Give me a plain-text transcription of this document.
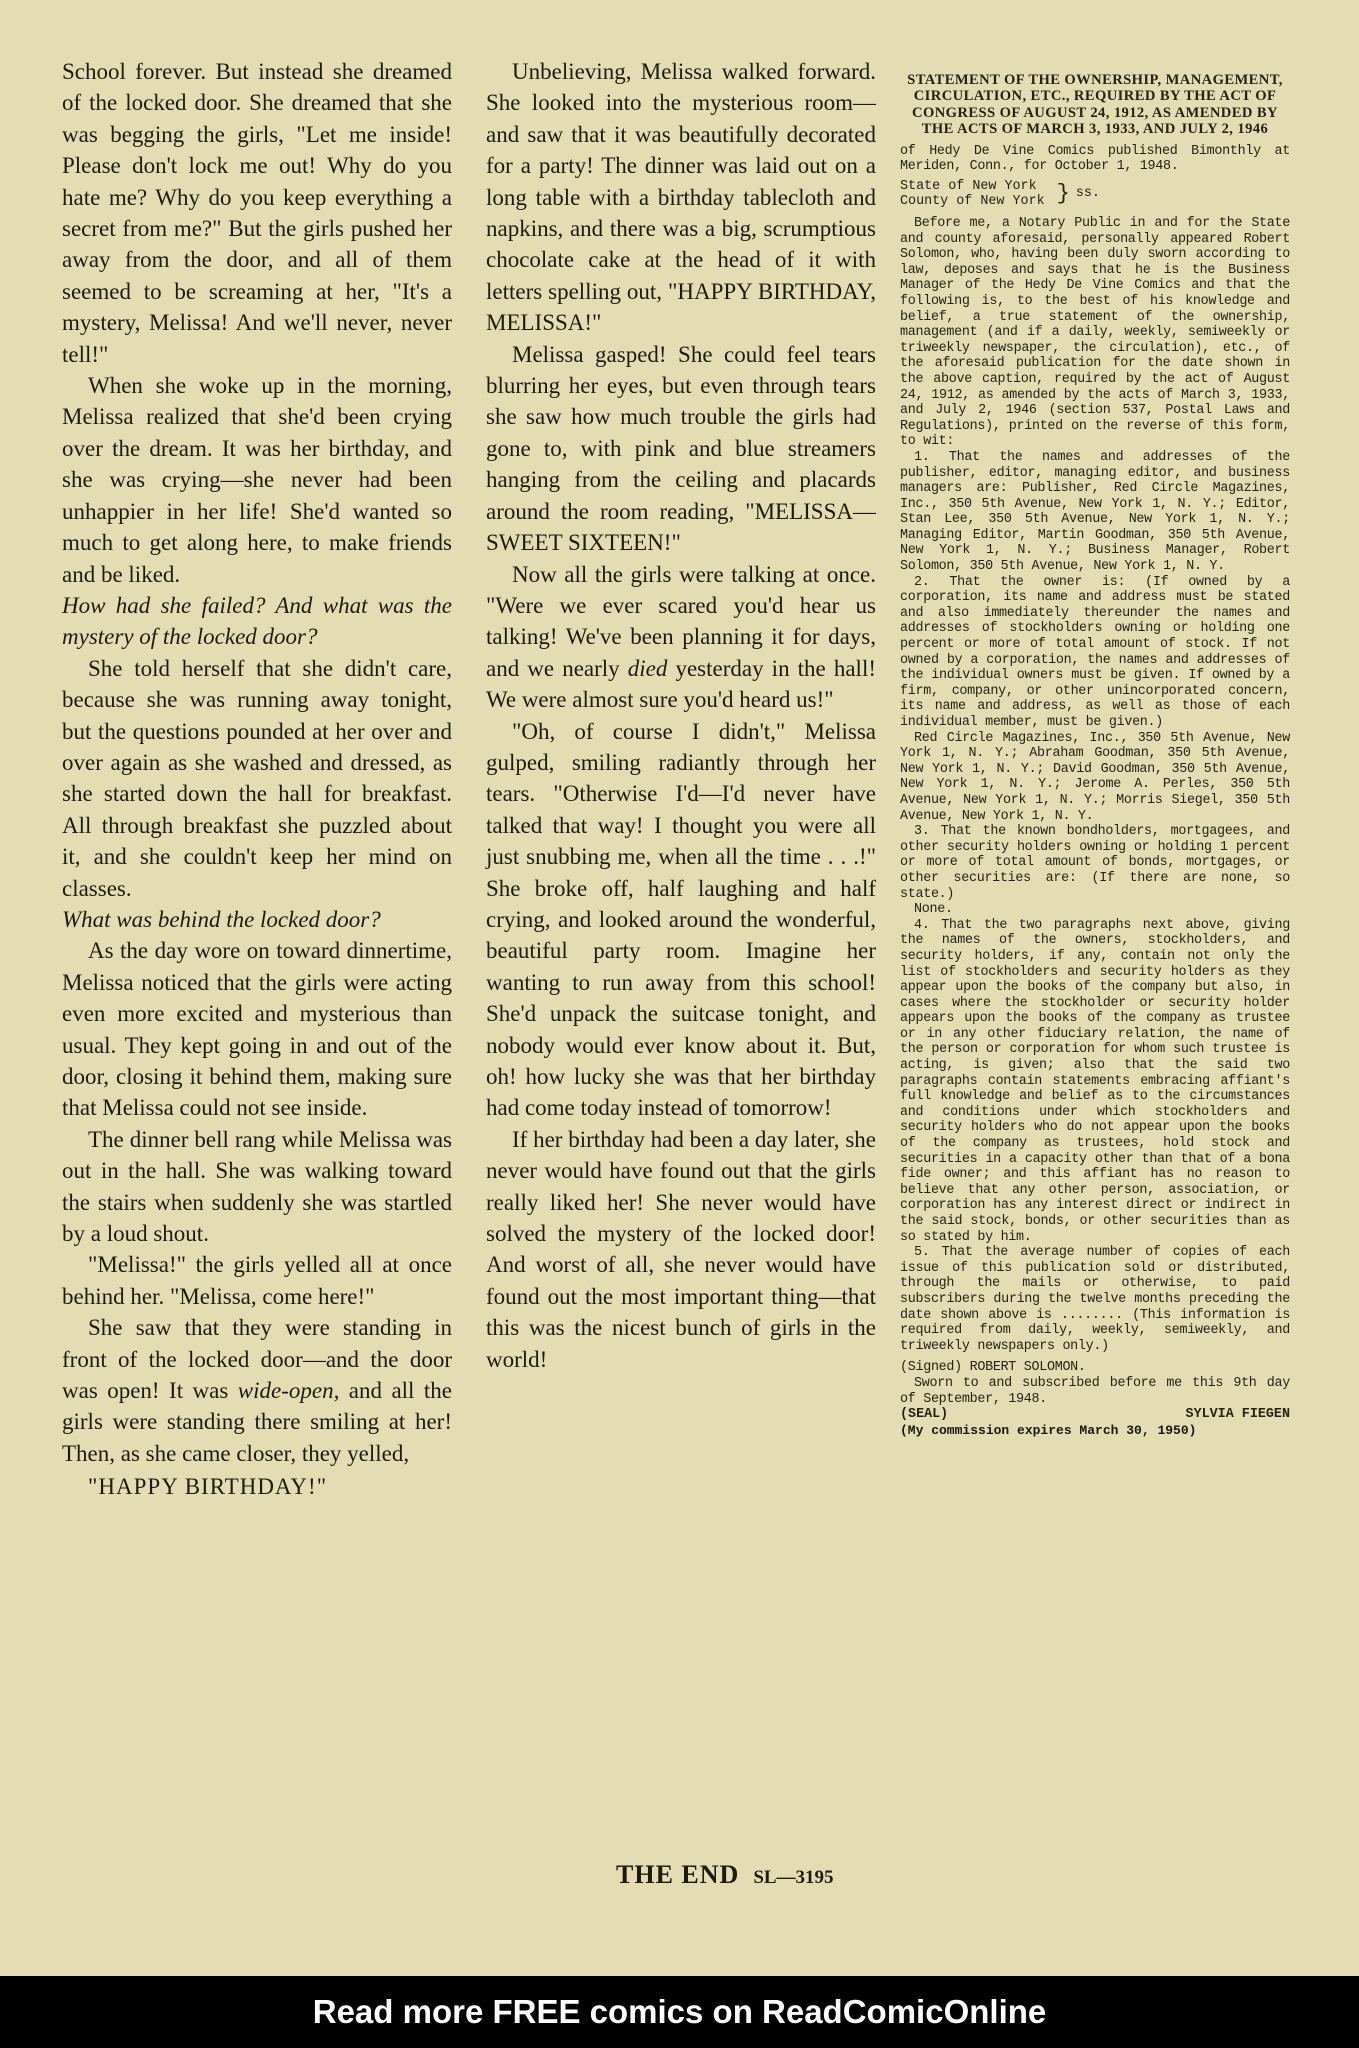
School forever. But instead she dreamed of the locked door. She dreamed that she was begging the girls, "Let me inside! Please don't lock me out! Why do you hate me? Why do you keep everything a secret from me?" But the girls pushed her away from the door, and all of them seemed to be screaming at her, "It's a mystery, Melissa! And we'll never, never tell!"

When she woke up in the morning, Melissa realized that she'd been crying over the dream. It was her birthday, and she was crying—she never had been unhappier in her life! She'd wanted so much to get along here, to make friends and be liked.

How had she failed? And what was the mystery of the locked door?

She told herself that she didn't care, because she was running away tonight, but the questions pounded at her over and over again as she washed and dressed, as she started down the hall for breakfast. All through breakfast she puzzled about it, and she couldn't keep her mind on classes.

What was behind the locked door?

As the day wore on toward dinnertime, Melissa noticed that the girls were acting even more excited and mysterious than usual. They kept going in and out of the door, closing it behind them, making sure that Melissa could not see inside.

The dinner bell rang while Melissa was out in the hall. She was walking toward the stairs when suddenly she was startled by a loud shout.

"Melissa!" the girls yelled all at once behind her. "Melissa, come here!"

She saw that they were standing in front of the locked door—and the door was open! It was wide-open, and all the girls were standing there smiling at her! Then, as she came closer, they yelled,

"HAPPY BIRTHDAY!"

Unbelieving, Melissa walked forward. She looked into the mysterious room—and saw that it was beautifully decorated for a party! The dinner was laid out on a long table with a birthday tablecloth and napkins, and there was a big, scrumptious chocolate cake at the head of it with letters spelling out, "HAPPY BIRTHDAY, MELISSA!"

Melissa gasped! She could feel tears blurring her eyes, but even through tears she saw how much trouble the girls had gone to, with pink and blue streamers hanging from the ceiling and placards around the room reading, "MELISSA—SWEET SIXTEEN!"

Now all the girls were talking at once. "Were we ever scared you'd hear us talking! We've been planning it for days, and we nearly died yesterday in the hall! We were almost sure you'd heard us!"

"Oh, of course I didn't," Melissa gulped, smiling radiantly through her tears. "Otherwise I'd—I'd never have talked that way! I thought you were all just snubbing me, when all the time . . .!" She broke off, half laughing and half crying, and looked around the wonderful, beautiful party room. Imagine her wanting to run away from this school! She'd unpack the suitcase tonight, and nobody would ever know about it. But, oh! how lucky she was that her birthday had come today instead of tomorrow!

If her birthday had been a day later, she never would have found out that the girls really liked her! She never would have solved the mystery of the locked door! And worst of all, she never would have found out the most important thing—that this was the nicest bunch of girls in the world!

THE END SL—3195
STATEMENT OF THE OWNERSHIP, MANAGEMENT, CIRCULATION, ETC., REQUIRED BY THE ACT OF CONGRESS OF AUGUST 24, 1912, AS AMENDED BY THE ACTS OF MARCH 3, 1933, AND JULY 2, 1946

of Hedy De Vine Comics published Bimonthly at Meriden, Conn., for October 1, 1948.

State of New York
County of New York } ss.

Before me, a Notary Public in and for the State and county aforesaid, personally appeared Robert Solomon, who, having been duly sworn according to law, deposes and says that he is the Business Manager of the Hedy De Vine Comics and that the following is, to the best of his knowledge and belief, a true statement of the ownership, management (and if a daily, weekly, semiweekly or triweekly newspaper, the circulation), etc., of the aforesaid publication for the date shown in the above caption, required by the act of August 24, 1912, as amended by the acts of March 3, 1933, and July 2, 1946 (section 537, Postal Laws and Regulations), printed on the reverse of this form, to wit:

1. That the names and addresses of the publisher, editor, managing editor, and business managers are: Publisher, Red Circle Magazines, Inc., 350 5th Avenue, New York 1, N. Y.; Editor, Stan Lee, 350 5th Avenue, New York 1, N. Y.; Managing Editor, Martin Goodman, 350 5th Avenue, New York 1, N. Y.; Business Manager, Robert Solomon, 350 5th Avenue, New York 1, N. Y.

2. That the owner is: (If owned by a corporation, its name and address must be stated and also immediately thereunder the names and addresses of stockholders owning or holding one percent or more of total amount of stock. If not owned by a corporation, the names and addresses of the individual owners must be given. If owned by a firm, company, or other unincorporated concern, its name and address, as well as those of each individual member, must be given.)

Red Circle Magazines, Inc., 350 5th Avenue, New York 1, N. Y.; Abraham Goodman, 350 5th Avenue, New York 1, N. Y.; David Goodman, 350 5th Avenue, New York 1, N. Y.; Jerome A. Perles, 350 5th Avenue, New York 1, N. Y.; Morris Siegel, 350 5th Avenue, New York 1, N. Y.

3. That the known bondholders, mortgagees, and other security holders owning or holding 1 percent or more of total amount of bonds, mortgages, or other securities are: (If there are none, so state.)

None.

4. That the two paragraphs next above, giving the names of the owners, stockholders, and security holders, if any, contain not only the list of stockholders and security holders as they appear upon the books of the company but also, in cases where the stockholder or security holder appears upon the books of the company as trustee or in any other fiduciary relation, the name of the person or corporation for whom such trustee is acting, is given; also that the said two paragraphs contain statements embracing affiant's full knowledge and belief as to the circumstances and conditions under which stockholders and security holders who do not appear upon the books of the company as trustees, hold stock and securities in a capacity other than that of a bona fide owner; and this affiant has no reason to believe that any other person, association, or corporation has any interest direct or indirect in the said stock, bonds, or other securities than as so stated by him.

5. That the average number of copies of each issue of this publication sold or distributed, through the mails or otherwise, to paid subscribers during the twelve months preceding the date shown above is ........ (This information is required from daily, weekly, semiweekly, and triweekly newspapers only.)

(Signed) ROBERT SOLOMON.

Sworn to and subscribed before me this 9th day of September, 1948.

(SEAL)	SYLVIA FIEGEN
(My commission expires March 30, 1950)
Read more FREE comics on ReadComicOnline
